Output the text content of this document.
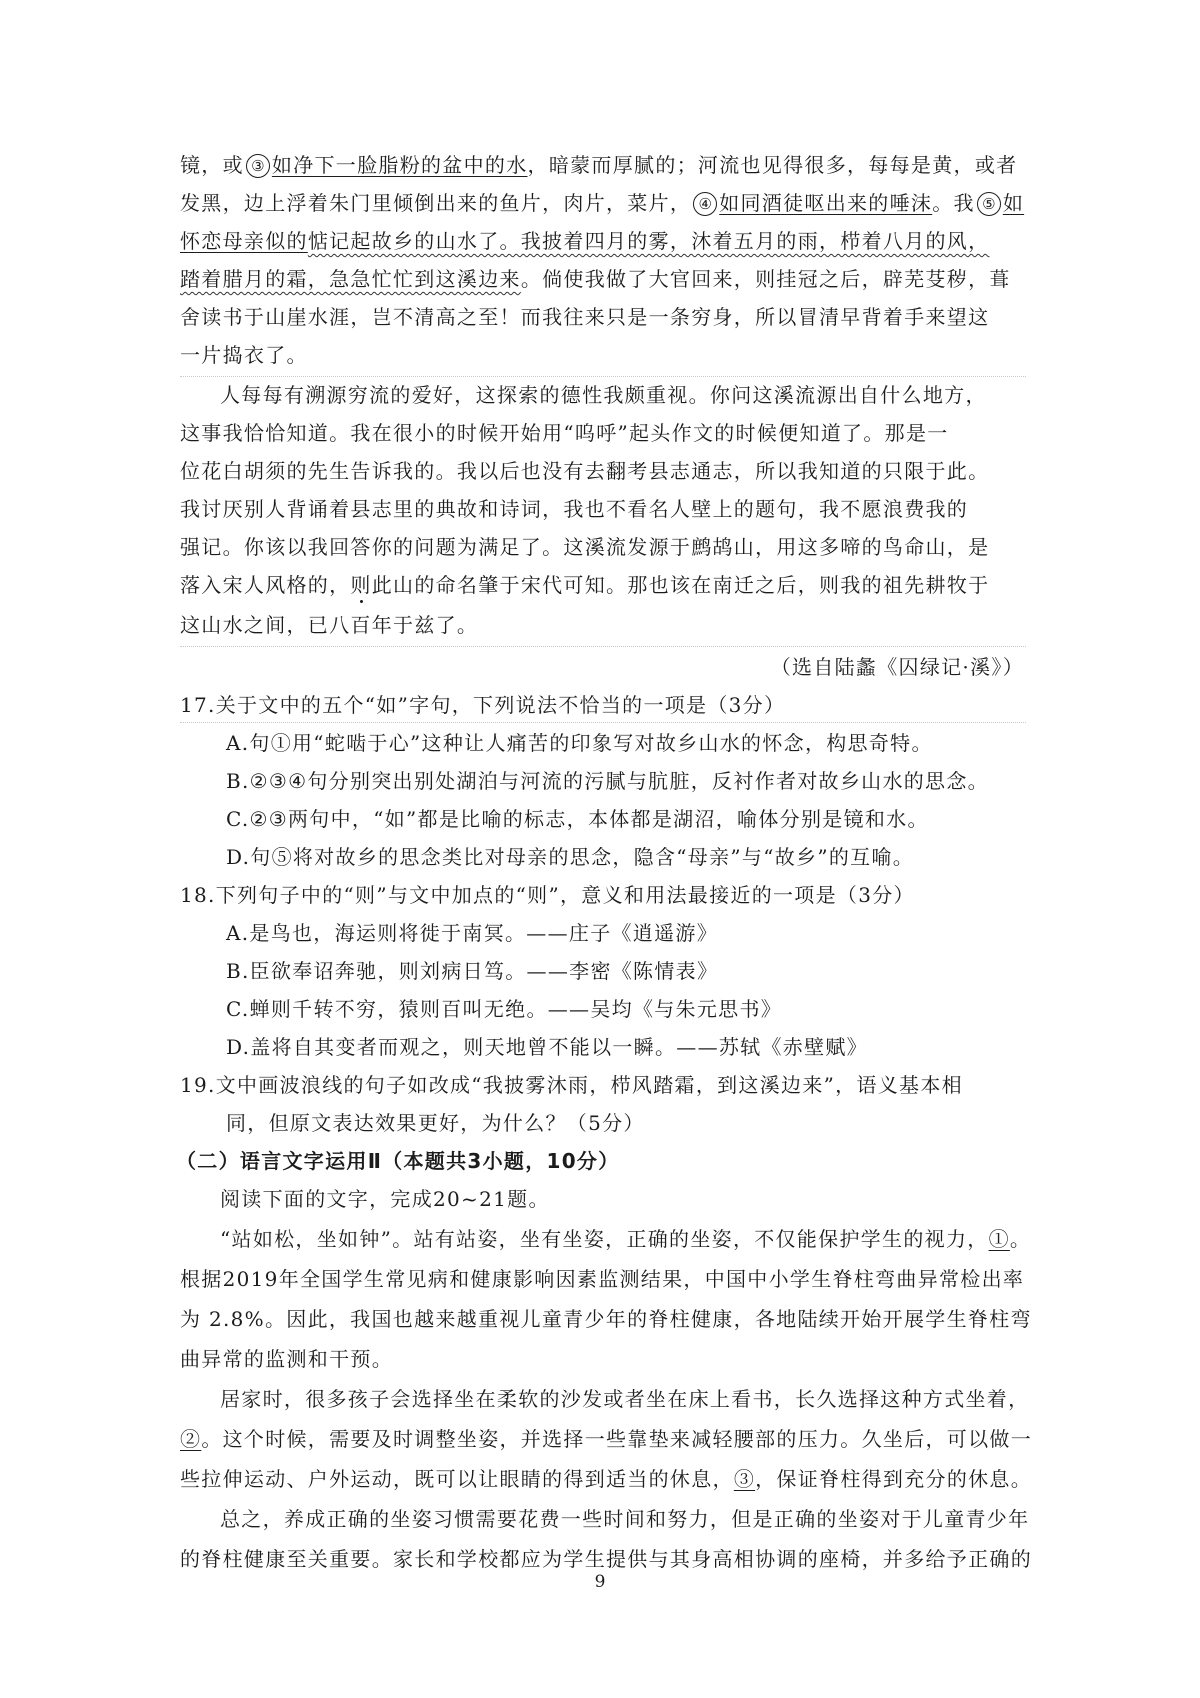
镜，或 ③ 如净下一脸脂粉的盆中的水，暗蒙而厚腻的；河流也见得很多，每每是黄，或者
发黑，边上浮着朱门里倾倒出来的鱼片，肉片，菜片， ④ 如同酒徒呕出来的唾沫。我 ⑤ 如
怀恋母亲似的惦记起故乡的山水了。我披着四月的雾，沐着五月的雨，栉着八月的风，
踏着腊月的霜，急急忙忙到这溪边来。倘使我做了大官回来，则挂冠之后，辟芜芟秽，葺
舍读书于山崖水涯，岂不清高之至！而我往来只是一条穷身，所以冒清早背着手来望这
一片捣衣了。
人每每有溯源穷流的爱好，这探索的德性我颇重视。你问这溪流源出自什么地方，
这事我恰恰知道。我在很小的时候开始用“呜呼”起头作文的时候便知道了。那是一
位花白胡须的先生告诉我的。我以后也没有去翻考县志通志，所以我知道的只限于此。
我讨厌别人背诵着县志里的典故和诗词，我也不看名人壁上的题句，我不愿浪费我的
强记。你该以我回答你的问题为满足了。这溪流发源于鹧鸪山，用这多啼的鸟命山，是
落入宋人风格的，则此山的命名肇于宋代可知。那也该在南迁之后，则我的祖先耕牧于
这山水之间，已八百年于兹了。
（选自陆蠡《囚绿记·溪》）
17.关于文中的五个“如”字句，下列说法不恰当的一项是（3分）
A.句①用“蛇啮于心”这种让人痛苦的印象写对故乡山水的怀念，构思奇特。
B.②③④句分别突出别处湖泊与河流的污腻与肮脏，反衬作者对故乡山水的思念。
C.②③两句中，“如”都是比喻的标志，本体都是湖沼，喻体分别是镜和水。
D.句⑤将对故乡的思念类比对母亲的思念，隐含“母亲”与“故乡”的互喻。
18.下列句子中的“则”与文中加点的“则”，意义和用法最接近的一项是（3分）
A.是鸟也，海运则将徙于南冥。——庄子《逍遥游》
B.臣欲奉诏奔驰，则刘病日笃。——李密《陈情表》
C.蝉则千转不穷，猿则百叫无绝。——吴均《与朱元思书》
D.盖将自其变者而观之，则天地曾不能以一瞬。——苏轼《赤壁赋》
19.文中画波浪线的句子如改成“我披雾沐雨，栉风踏霜，到这溪边来”，语义基本相
同，但原文表达效果更好，为什么？（5分）
（二）语言文字运用Ⅱ（本题共3小题，10分）
阅读下面的文字，完成20~21题。
“站如松，坐如钟”。站有站姿，坐有坐姿，正确的坐姿，不仅能保护学生的视力，①。
根据2019年全国学生常见病和健康影响因素监测结果，中国中小学生脊柱弯曲异常检出率
为 2.8%。因此，我国也越来越重视儿童青少年的脊柱健康，各地陆续开始开展学生脊柱弯
曲异常的监测和干预。
居家时，很多孩子会选择坐在柔软的沙发或者坐在床上看书，长久选择这种方式坐着，
②。这个时候，需要及时调整坐姿，并选择一些靠垫来减轻腰部的压力。久坐后，可以做一
些拉伸运动、户外运动，既可以让眼睛的得到适当的休息，③，保证脊柱得到充分的休息。
总之，养成正确的坐姿习惯需要花费一些时间和努力，但是正确的坐姿对于儿童青少年
的脊柱健康至关重要。家长和学校都应为学生提供与其身高相协调的座椅，并多给予正确的
9
